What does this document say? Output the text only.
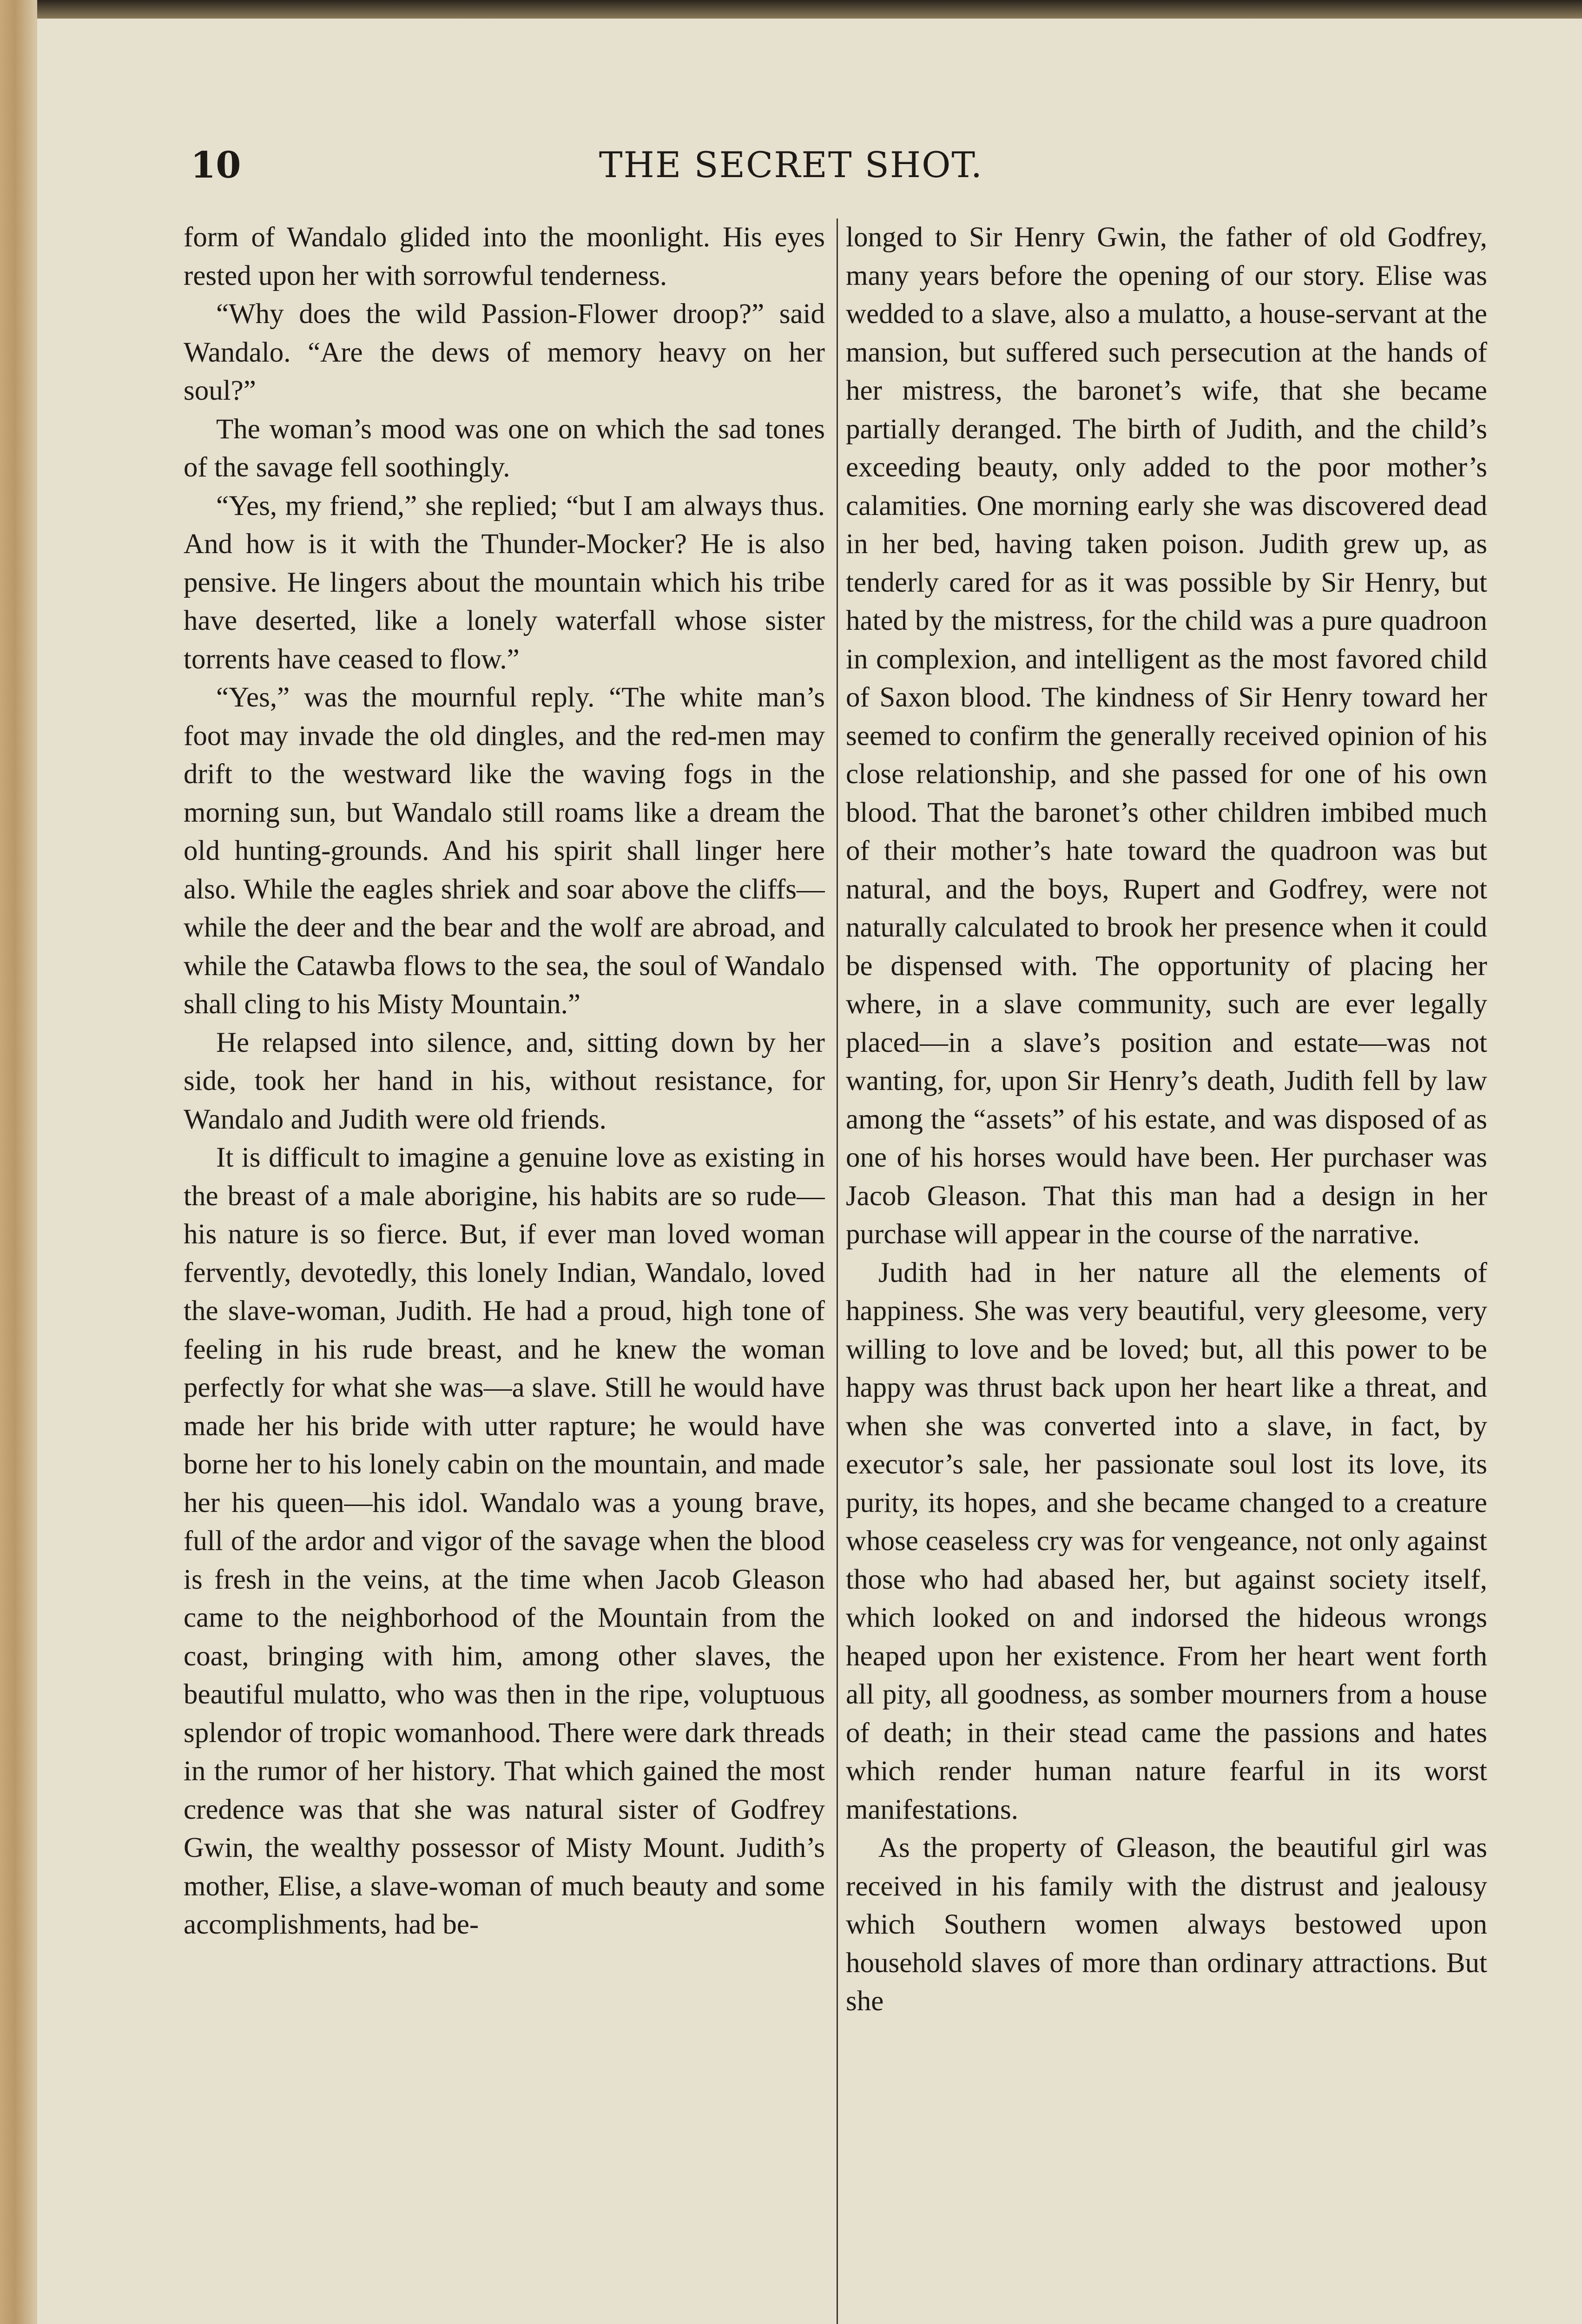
10	THE SECRET SHOT.

form of Wandalo glided into the moonlight. His eyes rested upon her with sorrowful tenderness.

“Why does the wild Passion-Flower droop?” said Wandalo. “Are the dews of memory heavy on her soul?”

The woman’s mood was one on which the sad tones of the savage fell soothingly.

“Yes, my friend,” she replied; “but I am always thus. And how is it with the Thunder-Mocker? He is also pensive. He lingers about the mountain which his tribe have deserted, like a lonely waterfall whose sister torrents have ceased to flow.”

“Yes,” was the mournful reply. “The white man’s foot may invade the old dingles, and the red-men may drift to the westward like the waving fogs in the morning sun, but Wandalo still roams like a dream the old hunting-grounds. And his spirit shall linger here also. While the eagles shriek and soar above the cliffs—while the deer and the bear and the wolf are abroad, and while the Catawba flows to the sea, the soul of Wandalo shall cling to his Misty Mountain.”

He relapsed into silence, and, sitting down by her side, took her hand in his, without resistance, for Wandalo and Judith were old friends.

It is difficult to imagine a genuine love as existing in the breast of a male aborigine, his habits are so rude—his nature is so fierce. But, if ever man loved woman fervently, devotedly, this lonely Indian, Wandalo, loved the slave-woman, Judith. He had a proud, high tone of feeling in his rude breast, and he knew the woman perfectly for what she was—a slave. Still he would have made her his bride with utter rapture; he would have borne her to his lonely cabin on the mountain, and made her his queen—his idol. Wandalo was a young brave, full of the ardor and vigor of the savage when the blood is fresh in the veins, at the time when Jacob Gleason came to the neighborhood of the Mountain from the coast, bringing with him, among other slaves, the beautiful mulatto, who was then in the ripe, voluptuous splendor of tropic womanhood. There were dark threads in the rumor of her history. That which gained the most credence was that she was natural sister of Godfrey Gwin, the wealthy possessor of Misty Mount. Judith’s mother, Elise, a slave-woman of much beauty and some accomplishments, had be-

longed to Sir Henry Gwin, the father of old Godfrey, many years before the opening of our story. Elise was wedded to a slave, also a mulatto, a house-servant at the mansion, but suffered such persecution at the hands of her mistress, the baronet’s wife, that she became partially deranged. The birth of Judith, and the child’s exceeding beauty, only added to the poor mother’s calamities. One morning early she was discovered dead in her bed, having taken poison. Judith grew up, as tenderly cared for as it was possible by Sir Henry, but hated by the mistress, for the child was a pure quadroon in complexion, and intelligent as the most favored child of Saxon blood. The kindness of Sir Henry toward her seemed to confirm the generally received opinion of his close relationship, and she passed for one of his own blood. That the baronet’s other children imbibed much of their mother’s hate toward the quadroon was but natural, and the boys, Rupert and Godfrey, were not naturally calculated to brook her presence when it could be dispensed with. The opportunity of placing her where, in a slave community, such are ever legally placed—in a slave’s position and estate—was not wanting, for, upon Sir Henry’s death, Judith fell by law among the “assets” of his estate, and was disposed of as one of his horses would have been. Her purchaser was Jacob Gleason. That this man had a design in her purchase will appear in the course of the narrative.

Judith had in her nature all the elements of happiness. She was very beautiful, very gleesome, very willing to love and be loved; but, all this power to be happy was thrust back upon her heart like a threat, and when she was converted into a slave, in fact, by executor’s sale, her passionate soul lost its love, its purity, its hopes, and she became changed to a creature whose ceaseless cry was for vengeance, not only against those who had abased her, but against society itself, which looked on and indorsed the hideous wrongs heaped upon her existence. From her heart went forth all pity, all goodness, as somber mourners from a house of death; in their stead came the passions and hates which render human nature fearful in its worst manifestations.

As the property of Gleason, the beautiful girl was received in his family with the distrust and jealousy which Southern women always bestowed upon household slaves of more than ordinary attractions. But she
